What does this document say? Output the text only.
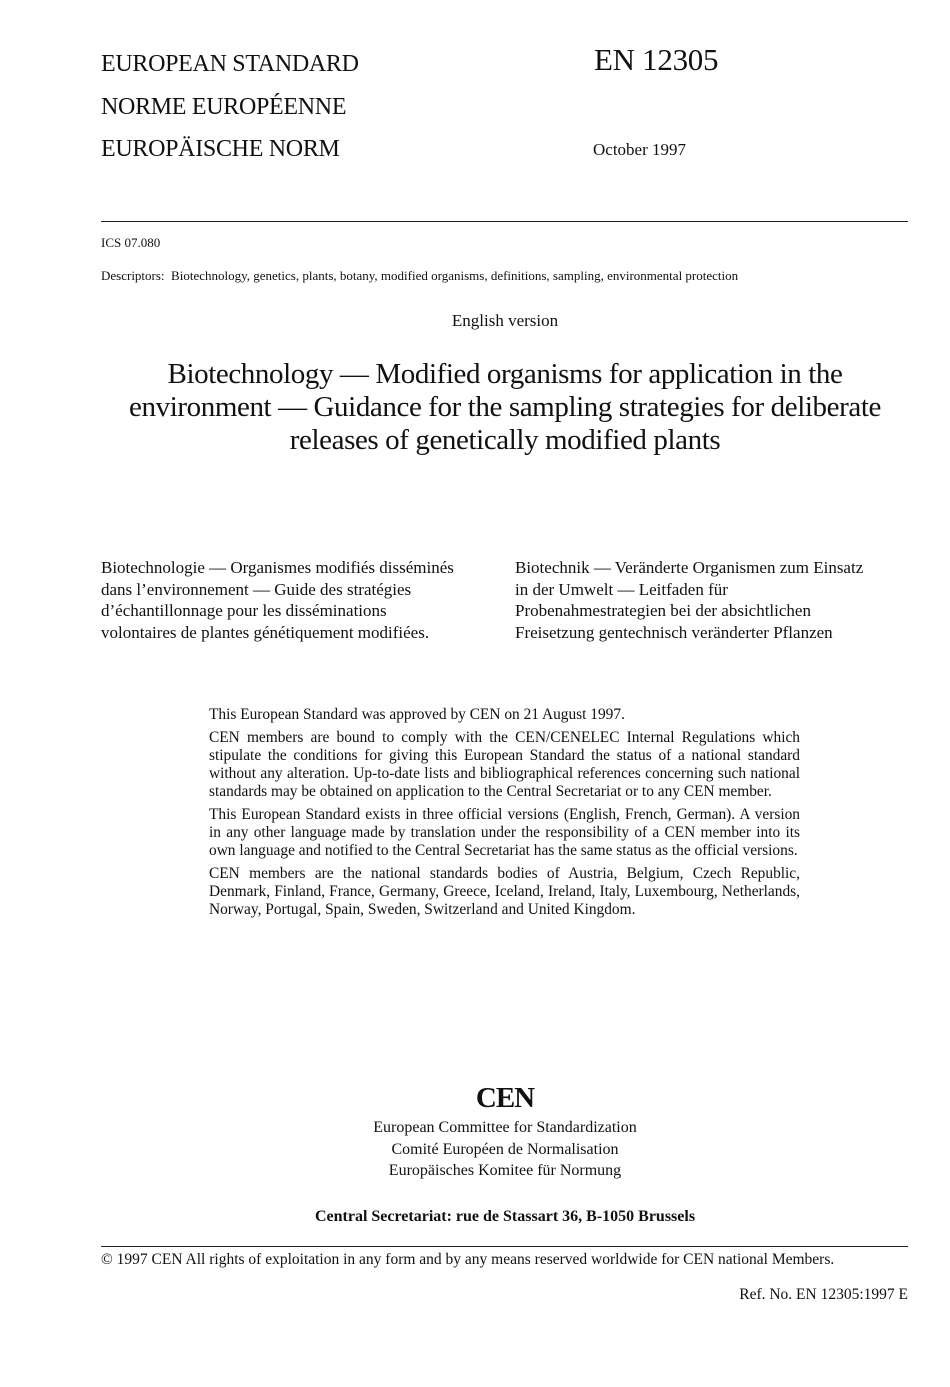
EUROPEAN STANDARD
NORME EUROPÉENNE
EUROPÄISCHE NORM
EN 12305
October 1997
ICS 07.080
Descriptors: Biotechnology, genetics, plants, botany, modified organisms, definitions, sampling, environmental protection
English version
Biotechnology — Modified organisms for application in the
environment — Guidance for the sampling strategies for deliberate
releases of genetically modified plants
Biotechnologie — Organismes modifiés disséminés
dans l’environnement — Guide des stratégies
d’échantillonnage pour les disséminations
volontaires de plantes génétiquement modifiées.
Biotechnik — Veränderte Organismen zum Einsatz
in der Umwelt — Leitfaden für
Probenahmestrategien bei der absichtlichen
Freisetzung gentechnisch veränderter Pflanzen

This European Standard was approved by CEN on 21 August 1997.

CEN members are bound to comply with the CEN/CENELEC Internal Regulations which stipulate the conditions for giving this European Standard the status of a national standard without any alteration. Up-to-date lists and bibliographical references concerning such national standards may be obtained on application to the Central Secretariat or to any CEN member.

This European Standard exists in three official versions (English, French, German). A version in any other language made by translation under the responsibility of a CEN member into its own language and notified to the Central Secretariat has the same status as the official versions.

CEN members are the national standards bodies of Austria, Belgium, Czech Republic, Denmark, Finland, France, Germany, Greece, Iceland, Ireland, Italy, Luxembourg, Netherlands, Norway, Portugal, Spain, Sweden, Switzerland and United Kingdom.

CEN
European Committee for Standardization
Comité Européen de Normalisation
Europäisches Komitee für Normung
Central Secretariat: rue de Stassart 36, B-1050 Brussels
© 1997 CEN All rights of exploitation in any form and by any means reserved worldwide for CEN national Members.
Ref. No. EN 12305:1997 E
